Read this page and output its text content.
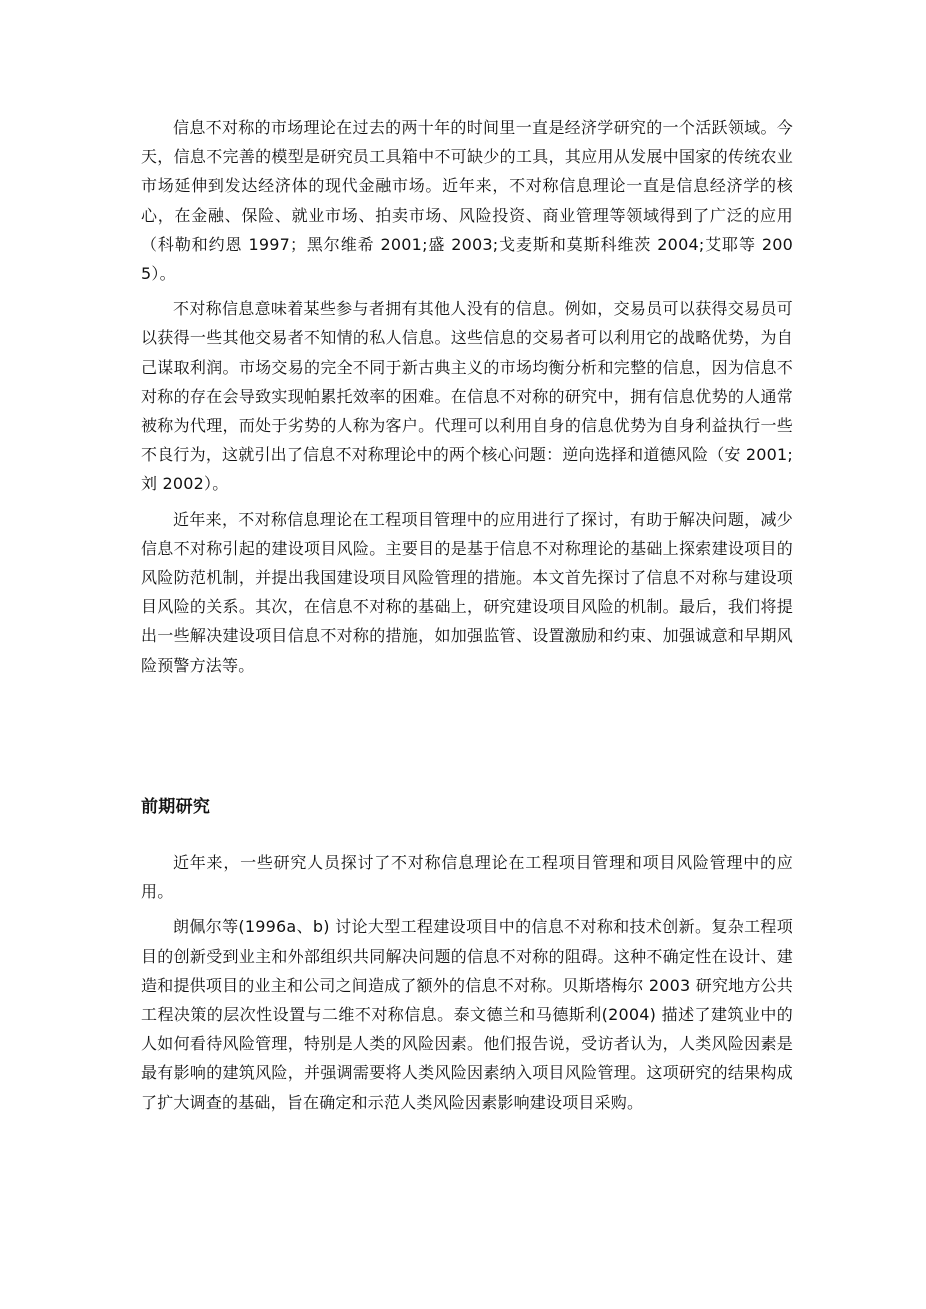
信息不对称的市场理论在过去的两十年的时间里一直是经济学研究的一个活跃领域。今天，信息不完善的模型是研究员工具箱中不可缺少的工具，其应用从发展中国家的传统农业市场延伸到发达经济体的现代金融市场。近年来，不对称信息理论一直是信息经济学的核心，在金融、保险、就业市场、拍卖市场、风险投资、商业管理等领域得到了广泛的应用（科勒和约恩 1997；黑尔维希 2001;盛 2003;戈麦斯和莫斯科维茨 2004;艾耶等 2005）。

不对称信息意味着某些参与者拥有其他人没有的信息。例如，交易员可以获得交易员可以获得一些其他交易者不知情的私人信息。这些信息的交易者可以利用它的战略优势，为自己谋取利润。市场交易的完全不同于新古典主义的市场均衡分析和完整的信息，因为信息不对称的存在会导致实现帕累托效率的困难。在信息不对称的研究中，拥有信息优势的人通常被称为代理，而处于劣势的人称为客户。代理可以利用自身的信息优势为自身利益执行一些不良行为，这就引出了信息不对称理论中的两个核心问题：逆向选择和道德风险（安 2001;刘 2002）。

近年来，不对称信息理论在工程项目管理中的应用进行了探讨，有助于解决问题，减少信息不对称引起的建设项目风险。主要目的是基于信息不对称理论的基础上探索建设项目的风险防范机制，并提出我国建设项目风险管理的措施。本文首先探讨了信息不对称与建设项目风险的关系。其次，在信息不对称的基础上，研究建设项目风险的机制。最后，我们将提出一些解决建设项目信息不对称的措施，如加强监管、设置激励和约束、加强诚意和早期风险预警方法等。

前期研究

近年来，一些研究人员探讨了不对称信息理论在工程项目管理和项目风险管理中的应用。

朗佩尔等(1996a、b) 讨论大型工程建设项目中的信息不对称和技术创新。复杂工程项目的创新受到业主和外部组织共同解决问题的信息不对称的阻碍。这种不确定性在设计、建造和提供项目的业主和公司之间造成了额外的信息不对称。贝斯塔梅尔 2003 研究地方公共工程决策的层次性设置与二维不对称信息。泰文德兰和马德斯利(2004) 描述了建筑业中的人如何看待风险管理，特别是人类的风险因素。他们报告说，受访者认为，人类风险因素是最有影响的建筑风险，并强调需要将人类风险因素纳入项目风险管理。这项研究的结果构成了扩大调查的基础，旨在确定和示范人类风险因素影响建设项目采购。
